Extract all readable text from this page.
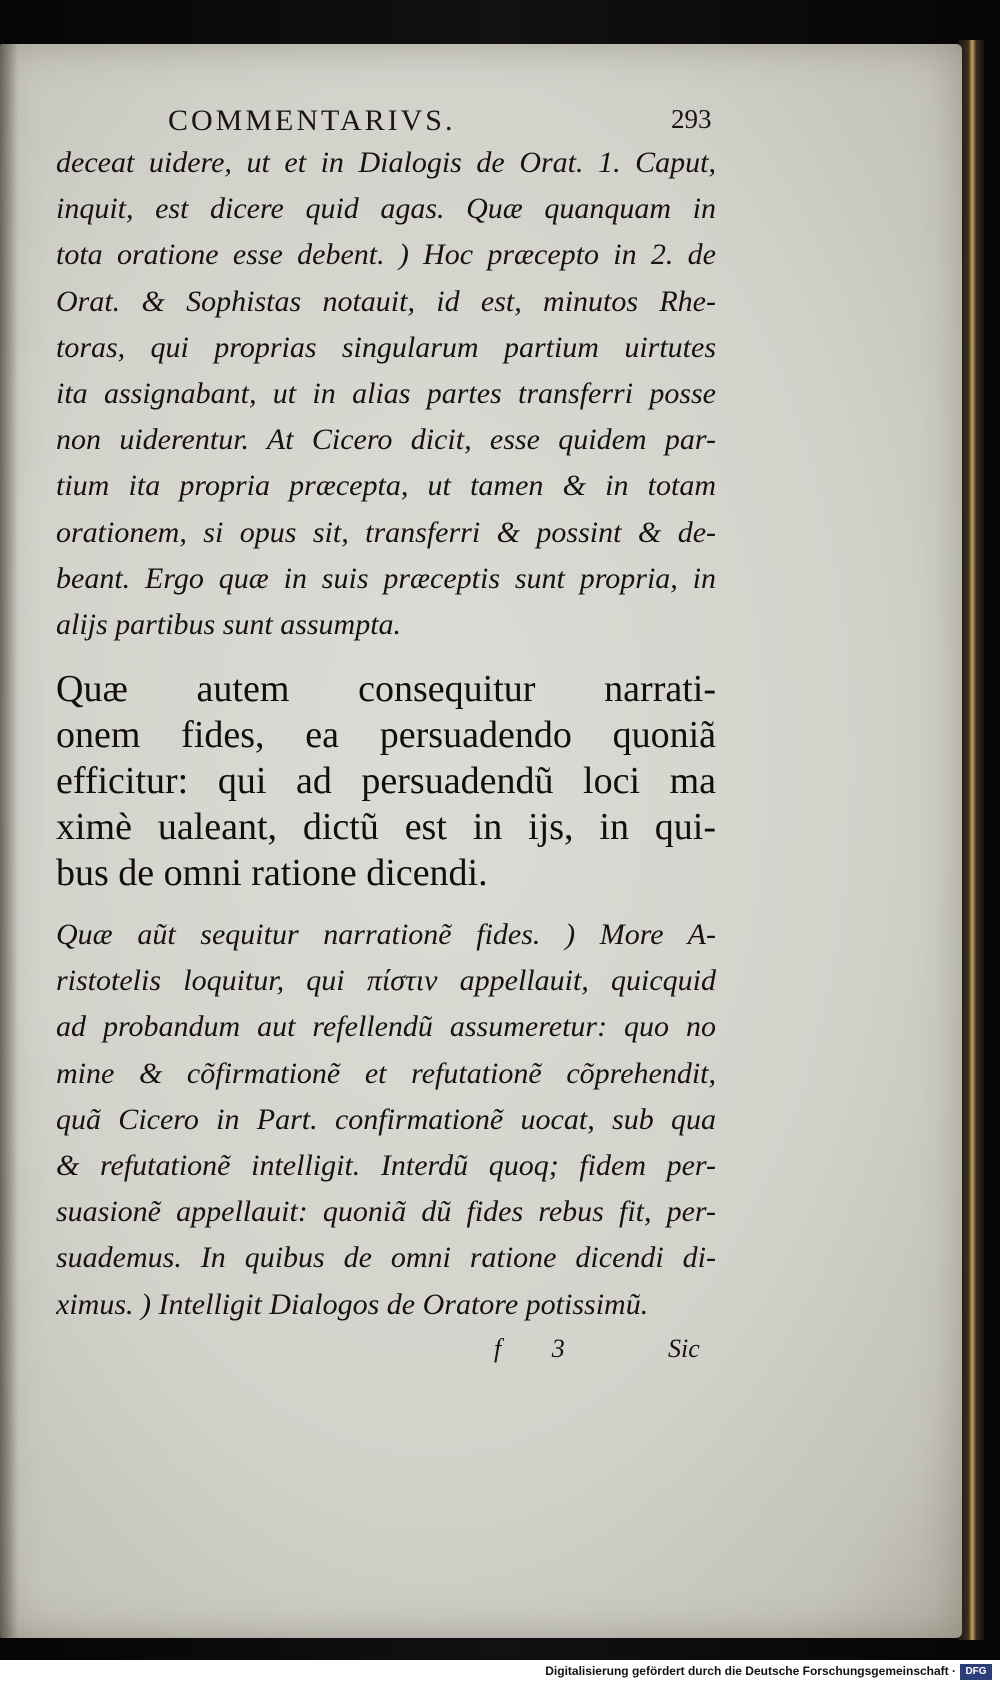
COMMENTARIVS.	293
deceat uidere, ut et in Dialogis de Orat. 1. Caput,
inquit, est dicere quid agas. Quæ quanquam in
tota oratione esse debent. ) Hoc præcepto in 2. de
Orat. & Sophistas notauit, id est, minutos Rhe-
toras, qui proprias singularum partium uirtutes
ita assignabant, ut in alias partes transferri posse
non uiderentur. At Cicero dicit, esse quidem par-
tium ita propria præcepta, ut tamen & in totam
orationem, si opus sit, transferri & possint & de-
beant. Ergo quæ in suis præceptis sunt propria, in
alijs partibus sunt assumpta.
Quæ autem consequitur narrati-
onem fides, ea persuadendo quoniã
efficitur: qui ad persuadendũ loci ma
ximè ualeant, dictũ est in ijs, in qui-
bus de omni ratione dicendi.
Quæ aũt sequitur narrationẽ fides. ) More A-
ristotelis loquitur, qui πίστιν appellauit, quicquid
ad probandum aut refellendũ assumeretur: quo no
mine & cõfirmationẽ et refutationẽ cõprehendit,
quã Cicero in Part. confirmationẽ uocat, sub qua
& refutationẽ intelligit. Interdũ quoq; fidem per-
suasionẽ appellauit: quoniã dũ fides rebus fit, per-
suademus. In quibus de omni ratione dicendi di-
ximus. ) Intelligit Dialogos de Oratore potissimũ.
f 3	Sic
Digitalisierung gefördert durch die Deutsche Forschungsgemeinschaft · DFG
